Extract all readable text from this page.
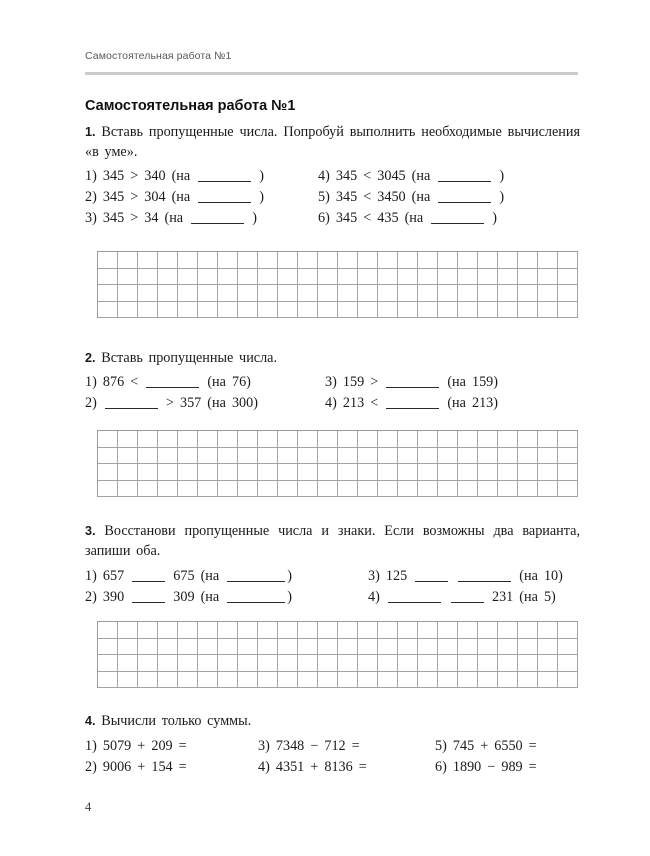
Самостоятельная работа №1
Самостоятельная работа №1
1. Вставь пропущенные числа. Попробуй выполнить необходимые вычисления «в уме».
1) 345 > 340 (на	)	4) 345 < 3045 (на	)
2) 345 > 304 (на	)	5) 345 < 3450 (на	)
3) 345 > 34 (на	)	6) 345 < 435 (на	)
2. Вставь пропущенные числа.
1) 876 <	(на 76)	3) 159 >	(на 159)
2)	> 357 (на 300)	4) 213 <	(на 213)
3. Восстанови пропущенные числа и знаки. Если возможны два варианта, запиши оба.
1) 657	675 (на	)	3) 125	(на 10)
2) 390	309 (на	)	4)	231 (на 5)
4. Вычисли только суммы.
1) 5079 + 209 =	3) 7348 − 712 =	5) 745 + 6550 =
2) 9006 + 154 =	4) 4351 + 8136 =	6) 1890 − 989 =
4
